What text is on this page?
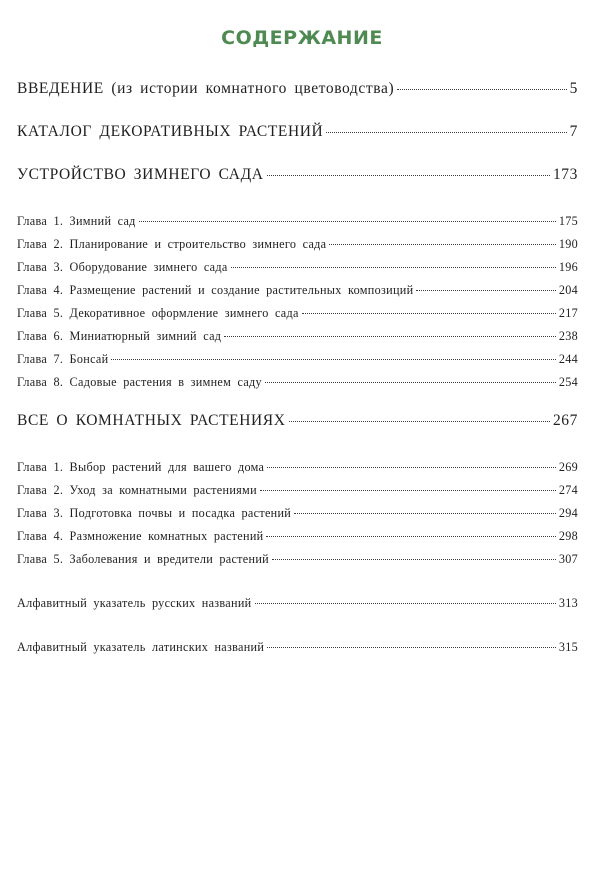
СОДЕРЖАНИЕ
ВВЕДЕНИЕ (из истории комнатного цветоводства)	5
КАТАЛОГ ДЕКОРАТИВНЫХ РАСТЕНИЙ	7
УСТРОЙСТВО ЗИМНЕГО САДА	173
Глава 1. Зимний сад	175
Глава 2. Планирование и строительство зимнего сада	190
Глава 3. Оборудование зимнего сада	196
Глава 4. Размещение растений и создание растительных композиций	204
Глава 5. Декоративное оформление зимнего сада	217
Глава 6. Миниатюрный зимний сад	238
Глава 7. Бонсай	244
Глава 8. Садовые растения в зимнем саду	254
ВСЕ О КОМНАТНЫХ РАСТЕНИЯХ	267
Глава 1. Выбор растений для вашего дома	269
Глава 2. Уход за комнатными растениями	274
Глава 3. Подготовка почвы и посадка растений	294
Глава 4. Размножение комнатных растений	298
Глава 5. Заболевания и вредители растений	307
Алфавитный указатель русских названий	313
Алфавитный указатель латинских названий	315
